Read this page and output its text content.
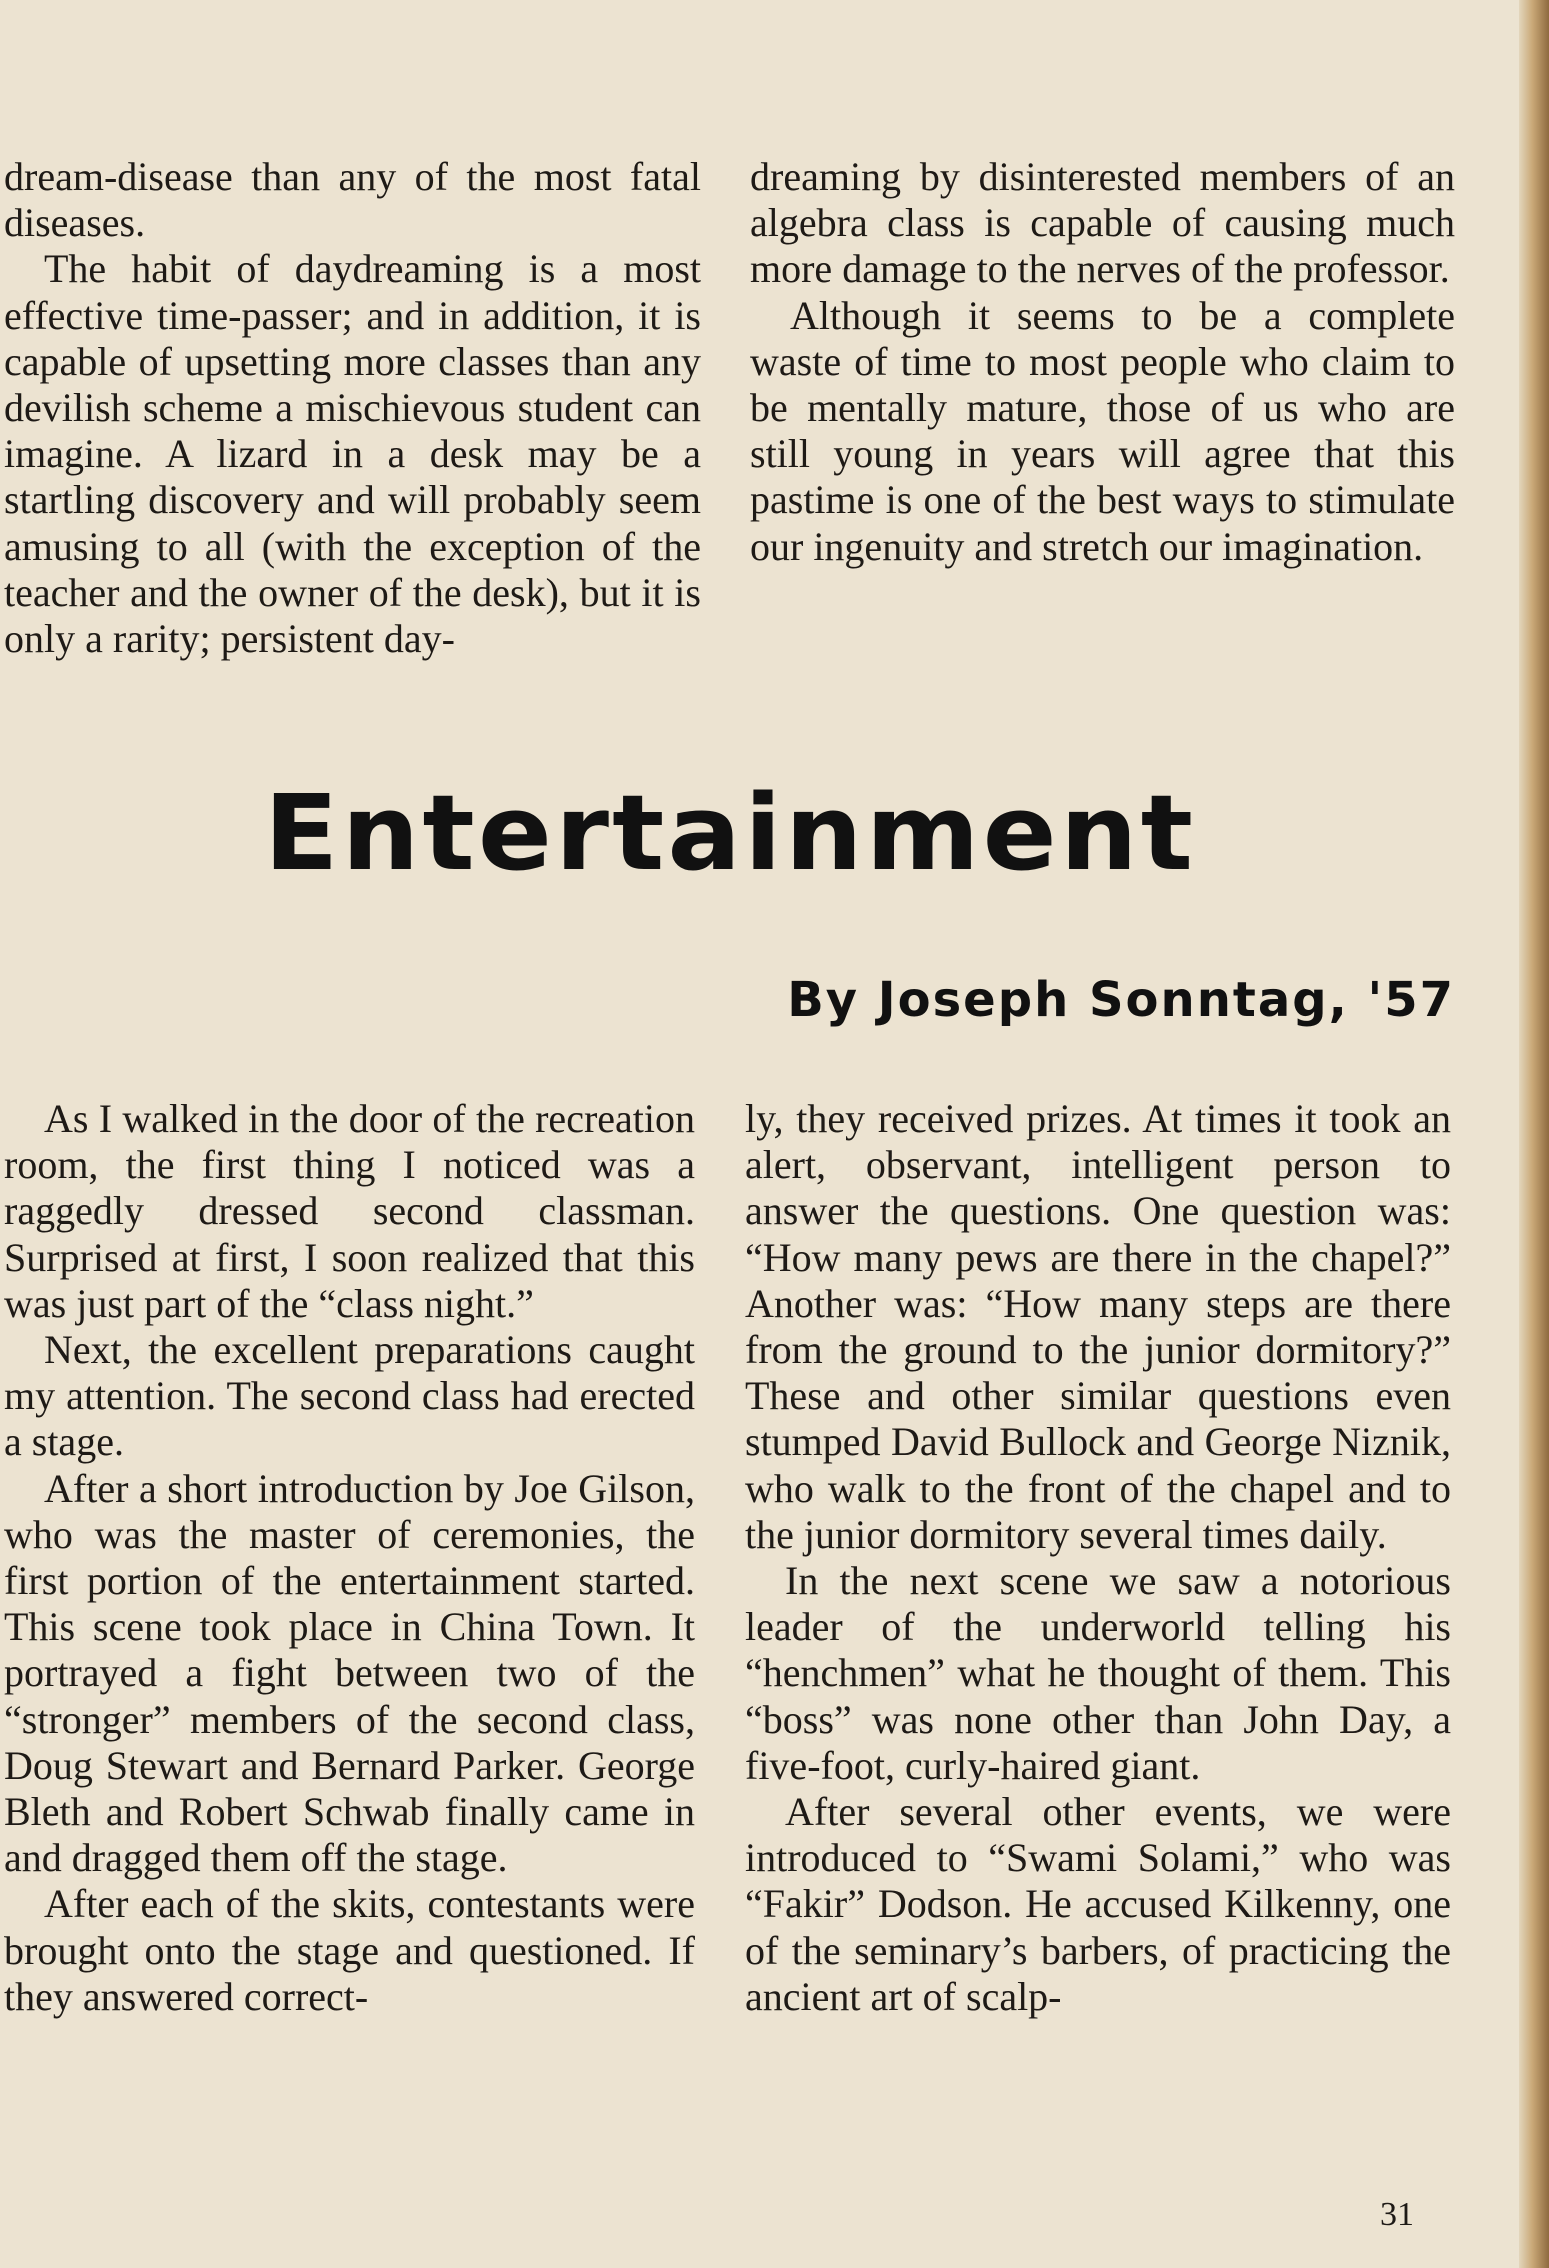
dream-disease than any of the most fatal diseases.

The habit of daydreaming is a most effective time-passer; and in addition, it is capable of upsetting more classes than any devilish scheme a mischievous student can imagine. A lizard in a desk may be a startling discovery and will probably seem amusing to all (with the exception of the teacher and the owner of the desk), but it is only a rarity; persistent day-

dreaming by disinterested members of an algebra class is capable of causing much more damage to the nerves of the professor.

Although it seems to be a complete waste of time to most people who claim to be mentally mature, those of us who are still young in years will agree that this pastime is one of the best ways to stimulate our ingenuity and stretch our imagination.

Entertainment
By Joseph Sonntag, '57

As I walked in the door of the recreation room, the first thing I noticed was a raggedly dressed second classman. Surprised at first, I soon realized that this was just part of the “class night.”

Next, the excellent preparations caught my attention. The second class had erected a stage.

After a short introduction by Joe Gilson, who was the master of ceremonies, the first portion of the entertainment started. This scene took place in China Town. It portrayed a fight between two of the “stronger” members of the second class, Doug Stewart and Bernard Parker. George Bleth and Robert Schwab finally came in and dragged them off the stage.

After each of the skits, contestants were brought onto the stage and questioned. If they answered correct-

ly, they received prizes. At times it took an alert, observant, intelligent person to answer the questions. One question was: “How many pews are there in the chapel?” Another was: “How many steps are there from the ground to the junior dormitory?” These and other similar questions even stumped David Bullock and George Niznik, who walk to the front of the chapel and to the junior dormitory several times daily.

In the next scene we saw a notorious leader of the underworld telling his “henchmen” what he thought of them. This “boss” was none other than John Day, a five-foot, curly-haired giant.

After several other events, we were introduced to “Swami Solami,” who was “Fakir” Dodson. He accused Kilkenny, one of the seminary’s barbers, of practicing the ancient art of scalp-

31
